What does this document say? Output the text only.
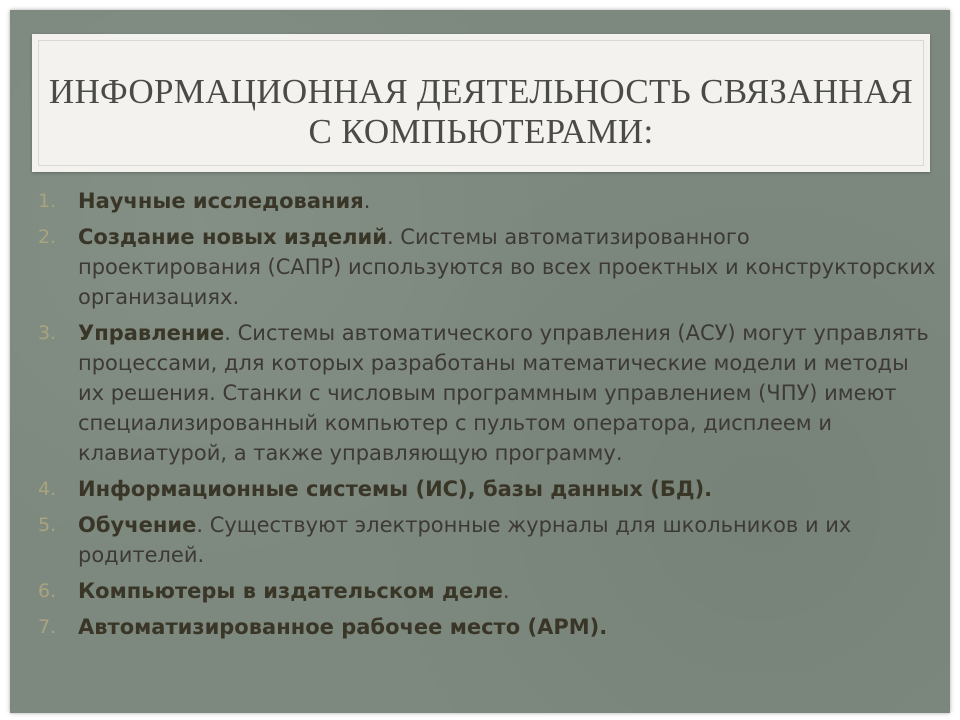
ИНФОРМАЦИОННАЯ ДЕЯТЕЛЬНОСТЬ СВЯЗАННАЯ
С КОМПЬЮТЕРАМИ:
1.	Научные исследования.
2.	Создание новых изделий. Системы автоматизированного проектирования (САПР) используются во всех проектных и конструкторских организациях.
3.	Управление. Системы автоматического управления (АСУ) могут управлять процессами, для которых разработаны математические модели и методы их решения. Станки с числовым программным управлением (ЧПУ) имеют специализированный компьютер с пультом оператора, дисплеем и клавиатурой, а также управляющую программу.
4.	Информационные системы (ИС), базы данных (БД).
5.	Обучение. Существуют электронные журналы для школьников и их родителей.
6.	Компьютеры в издательском деле.
7.	Автоматизированное рабочее место (АРМ).
